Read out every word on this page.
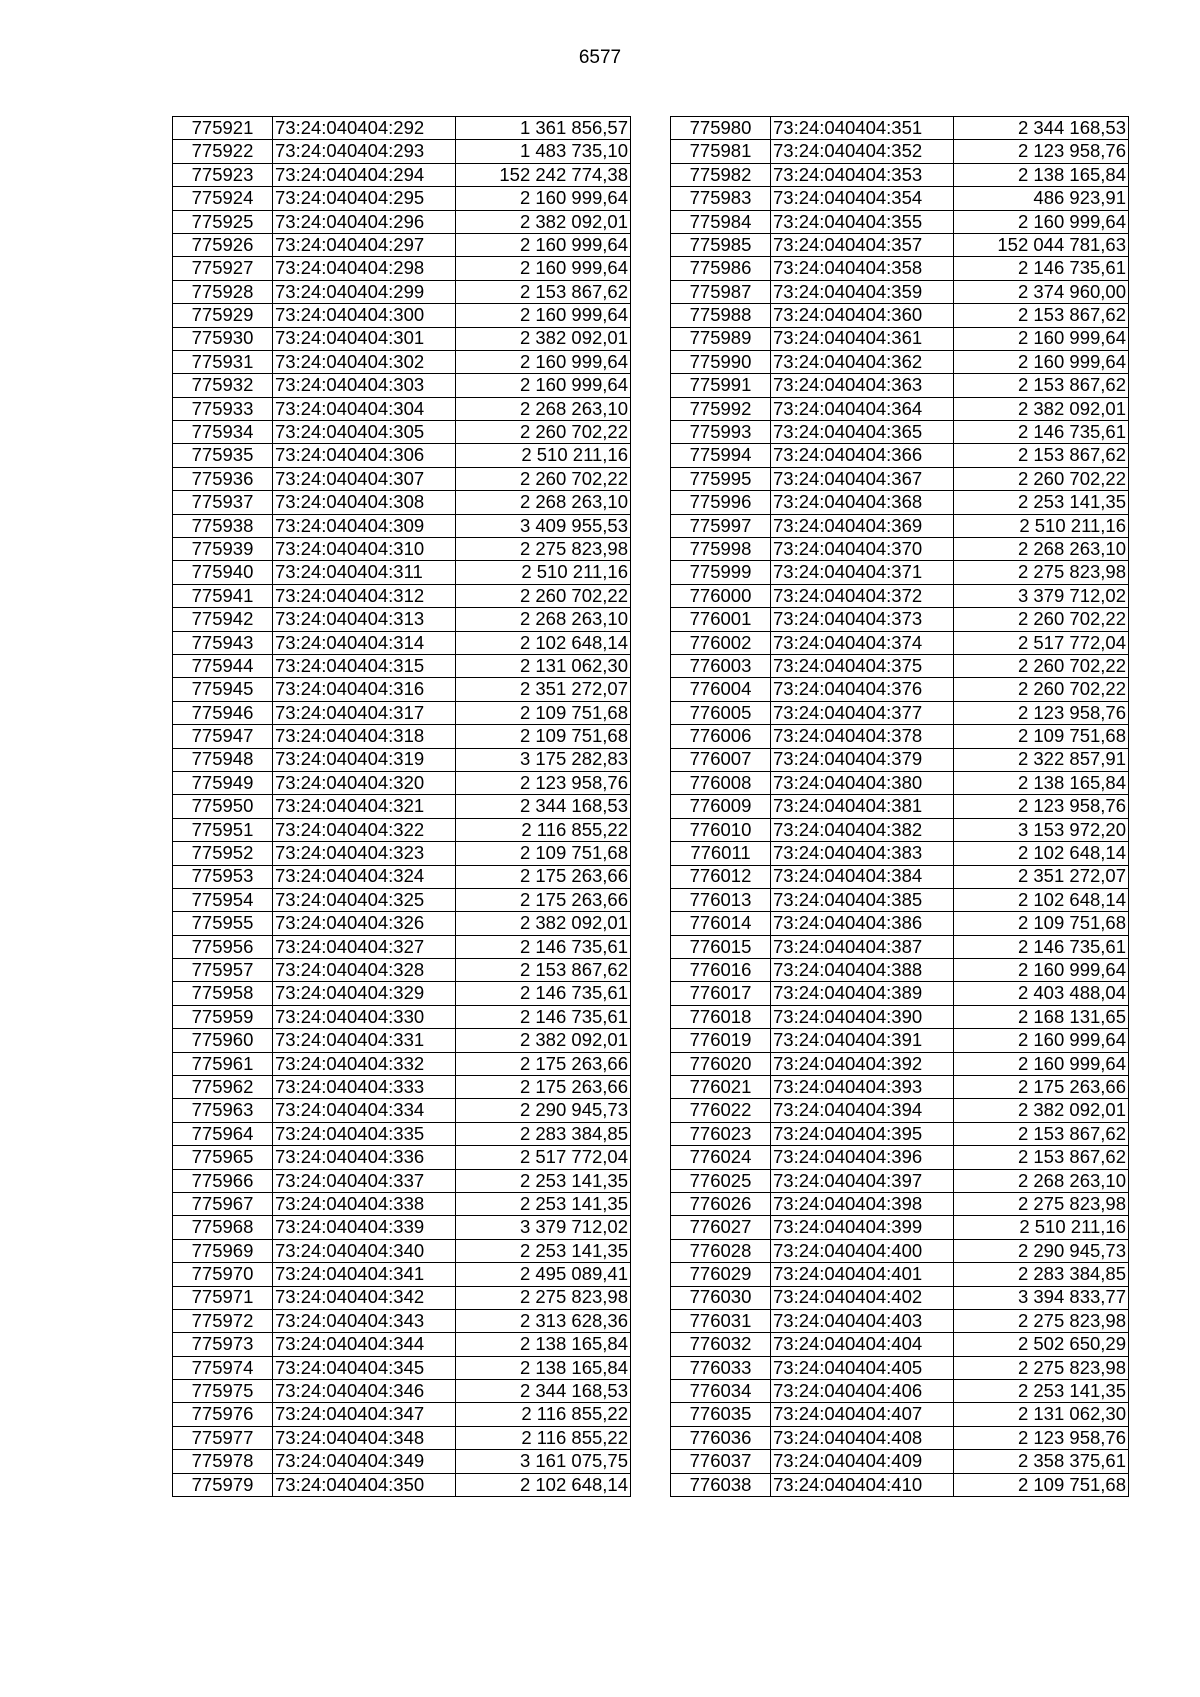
6577
775921	73:24:040404:292	1 361 856,57
775922	73:24:040404:293	1 483 735,10
775923	73:24:040404:294	152 242 774,38
775924	73:24:040404:295	2 160 999,64
775925	73:24:040404:296	2 382 092,01
775926	73:24:040404:297	2 160 999,64
775927	73:24:040404:298	2 160 999,64
775928	73:24:040404:299	2 153 867,62
775929	73:24:040404:300	2 160 999,64
775930	73:24:040404:301	2 382 092,01
775931	73:24:040404:302	2 160 999,64
775932	73:24:040404:303	2 160 999,64
775933	73:24:040404:304	2 268 263,10
775934	73:24:040404:305	2 260 702,22
775935	73:24:040404:306	2 510 211,16
775936	73:24:040404:307	2 260 702,22
775937	73:24:040404:308	2 268 263,10
775938	73:24:040404:309	3 409 955,53
775939	73:24:040404:310	2 275 823,98
775940	73:24:040404:311	2 510 211,16
775941	73:24:040404:312	2 260 702,22
775942	73:24:040404:313	2 268 263,10
775943	73:24:040404:314	2 102 648,14
775944	73:24:040404:315	2 131 062,30
775945	73:24:040404:316	2 351 272,07
775946	73:24:040404:317	2 109 751,68
775947	73:24:040404:318	2 109 751,68
775948	73:24:040404:319	3 175 282,83
775949	73:24:040404:320	2 123 958,76
775950	73:24:040404:321	2 344 168,53
775951	73:24:040404:322	2 116 855,22
775952	73:24:040404:323	2 109 751,68
775953	73:24:040404:324	2 175 263,66
775954	73:24:040404:325	2 175 263,66
775955	73:24:040404:326	2 382 092,01
775956	73:24:040404:327	2 146 735,61
775957	73:24:040404:328	2 153 867,62
775958	73:24:040404:329	2 146 735,61
775959	73:24:040404:330	2 146 735,61
775960	73:24:040404:331	2 382 092,01
775961	73:24:040404:332	2 175 263,66
775962	73:24:040404:333	2 175 263,66
775963	73:24:040404:334	2 290 945,73
775964	73:24:040404:335	2 283 384,85
775965	73:24:040404:336	2 517 772,04
775966	73:24:040404:337	2 253 141,35
775967	73:24:040404:338	2 253 141,35
775968	73:24:040404:339	3 379 712,02
775969	73:24:040404:340	2 253 141,35
775970	73:24:040404:341	2 495 089,41
775971	73:24:040404:342	2 275 823,98
775972	73:24:040404:343	2 313 628,36
775973	73:24:040404:344	2 138 165,84
775974	73:24:040404:345	2 138 165,84
775975	73:24:040404:346	2 344 168,53
775976	73:24:040404:347	2 116 855,22
775977	73:24:040404:348	2 116 855,22
775978	73:24:040404:349	3 161 075,75
775979	73:24:040404:350	2 102 648,14
775980	73:24:040404:351	2 344 168,53
775981	73:24:040404:352	2 123 958,76
775982	73:24:040404:353	2 138 165,84
775983	73:24:040404:354	486 923,91
775984	73:24:040404:355	2 160 999,64
775985	73:24:040404:357	152 044 781,63
775986	73:24:040404:358	2 146 735,61
775987	73:24:040404:359	2 374 960,00
775988	73:24:040404:360	2 153 867,62
775989	73:24:040404:361	2 160 999,64
775990	73:24:040404:362	2 160 999,64
775991	73:24:040404:363	2 153 867,62
775992	73:24:040404:364	2 382 092,01
775993	73:24:040404:365	2 146 735,61
775994	73:24:040404:366	2 153 867,62
775995	73:24:040404:367	2 260 702,22
775996	73:24:040404:368	2 253 141,35
775997	73:24:040404:369	2 510 211,16
775998	73:24:040404:370	2 268 263,10
775999	73:24:040404:371	2 275 823,98
776000	73:24:040404:372	3 379 712,02
776001	73:24:040404:373	2 260 702,22
776002	73:24:040404:374	2 517 772,04
776003	73:24:040404:375	2 260 702,22
776004	73:24:040404:376	2 260 702,22
776005	73:24:040404:377	2 123 958,76
776006	73:24:040404:378	2 109 751,68
776007	73:24:040404:379	2 322 857,91
776008	73:24:040404:380	2 138 165,84
776009	73:24:040404:381	2 123 958,76
776010	73:24:040404:382	3 153 972,20
776011	73:24:040404:383	2 102 648,14
776012	73:24:040404:384	2 351 272,07
776013	73:24:040404:385	2 102 648,14
776014	73:24:040404:386	2 109 751,68
776015	73:24:040404:387	2 146 735,61
776016	73:24:040404:388	2 160 999,64
776017	73:24:040404:389	2 403 488,04
776018	73:24:040404:390	2 168 131,65
776019	73:24:040404:391	2 160 999,64
776020	73:24:040404:392	2 160 999,64
776021	73:24:040404:393	2 175 263,66
776022	73:24:040404:394	2 382 092,01
776023	73:24:040404:395	2 153 867,62
776024	73:24:040404:396	2 153 867,62
776025	73:24:040404:397	2 268 263,10
776026	73:24:040404:398	2 275 823,98
776027	73:24:040404:399	2 510 211,16
776028	73:24:040404:400	2 290 945,73
776029	73:24:040404:401	2 283 384,85
776030	73:24:040404:402	3 394 833,77
776031	73:24:040404:403	2 275 823,98
776032	73:24:040404:404	2 502 650,29
776033	73:24:040404:405	2 275 823,98
776034	73:24:040404:406	2 253 141,35
776035	73:24:040404:407	2 131 062,30
776036	73:24:040404:408	2 123 958,76
776037	73:24:040404:409	2 358 375,61
776038	73:24:040404:410	2 109 751,68
